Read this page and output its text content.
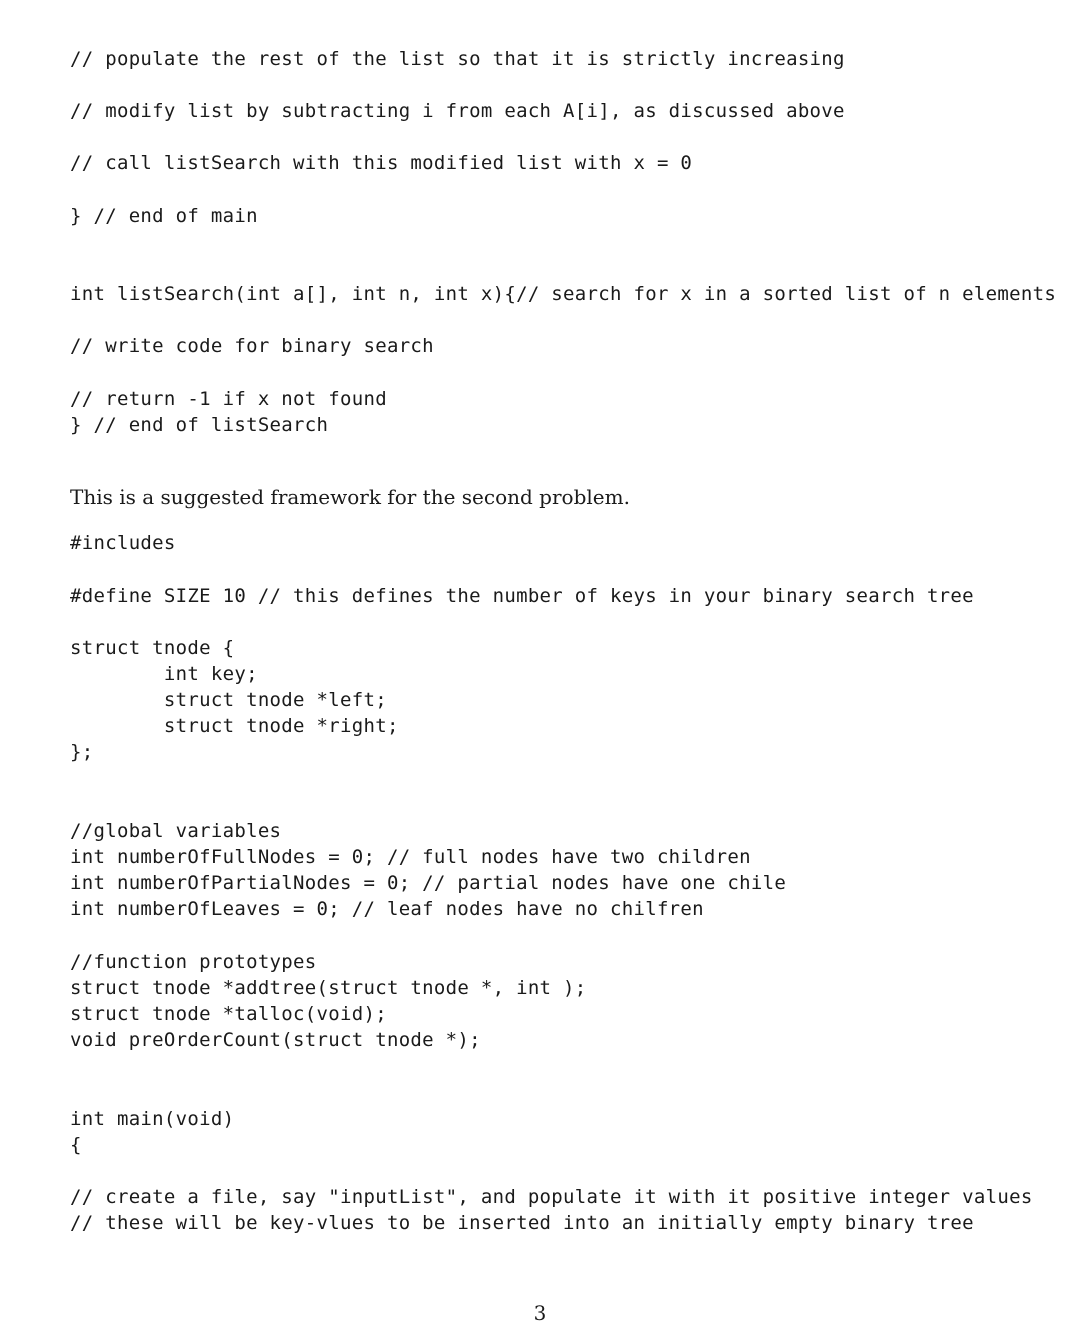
// populate the rest of the list so that it is strictly increasing
// modify list by subtracting i from each A[i], as discussed above
// call listSearch with this modified list with x = 0
} // end of main
int listSearch(int a[], int n, int x){// search for x in a sorted list of n elements
// write code for binary search
// return -1 if x not found
} // end of listSearch
This is a suggested framework for the second problem.
#includes
#define SIZE 10 // this defines the number of keys in your binary search tree
struct tnode {
int key;
struct tnode *left;
struct tnode *right;
};
//global variables
int numberOfFullNodes = 0; // full nodes have two children
int numberOfPartialNodes = 0; // partial nodes have one chile
int numberOfLeaves = 0; // leaf nodes have no chilfren
//function prototypes
struct tnode *addtree(struct tnode *, int );
struct tnode *talloc(void);
void preOrderCount(struct tnode *);
int main(void)
{
// create a file, say "inputList", and populate it with it positive integer values
// these will be key-vlues to be inserted into an initially empty binary tree
3
